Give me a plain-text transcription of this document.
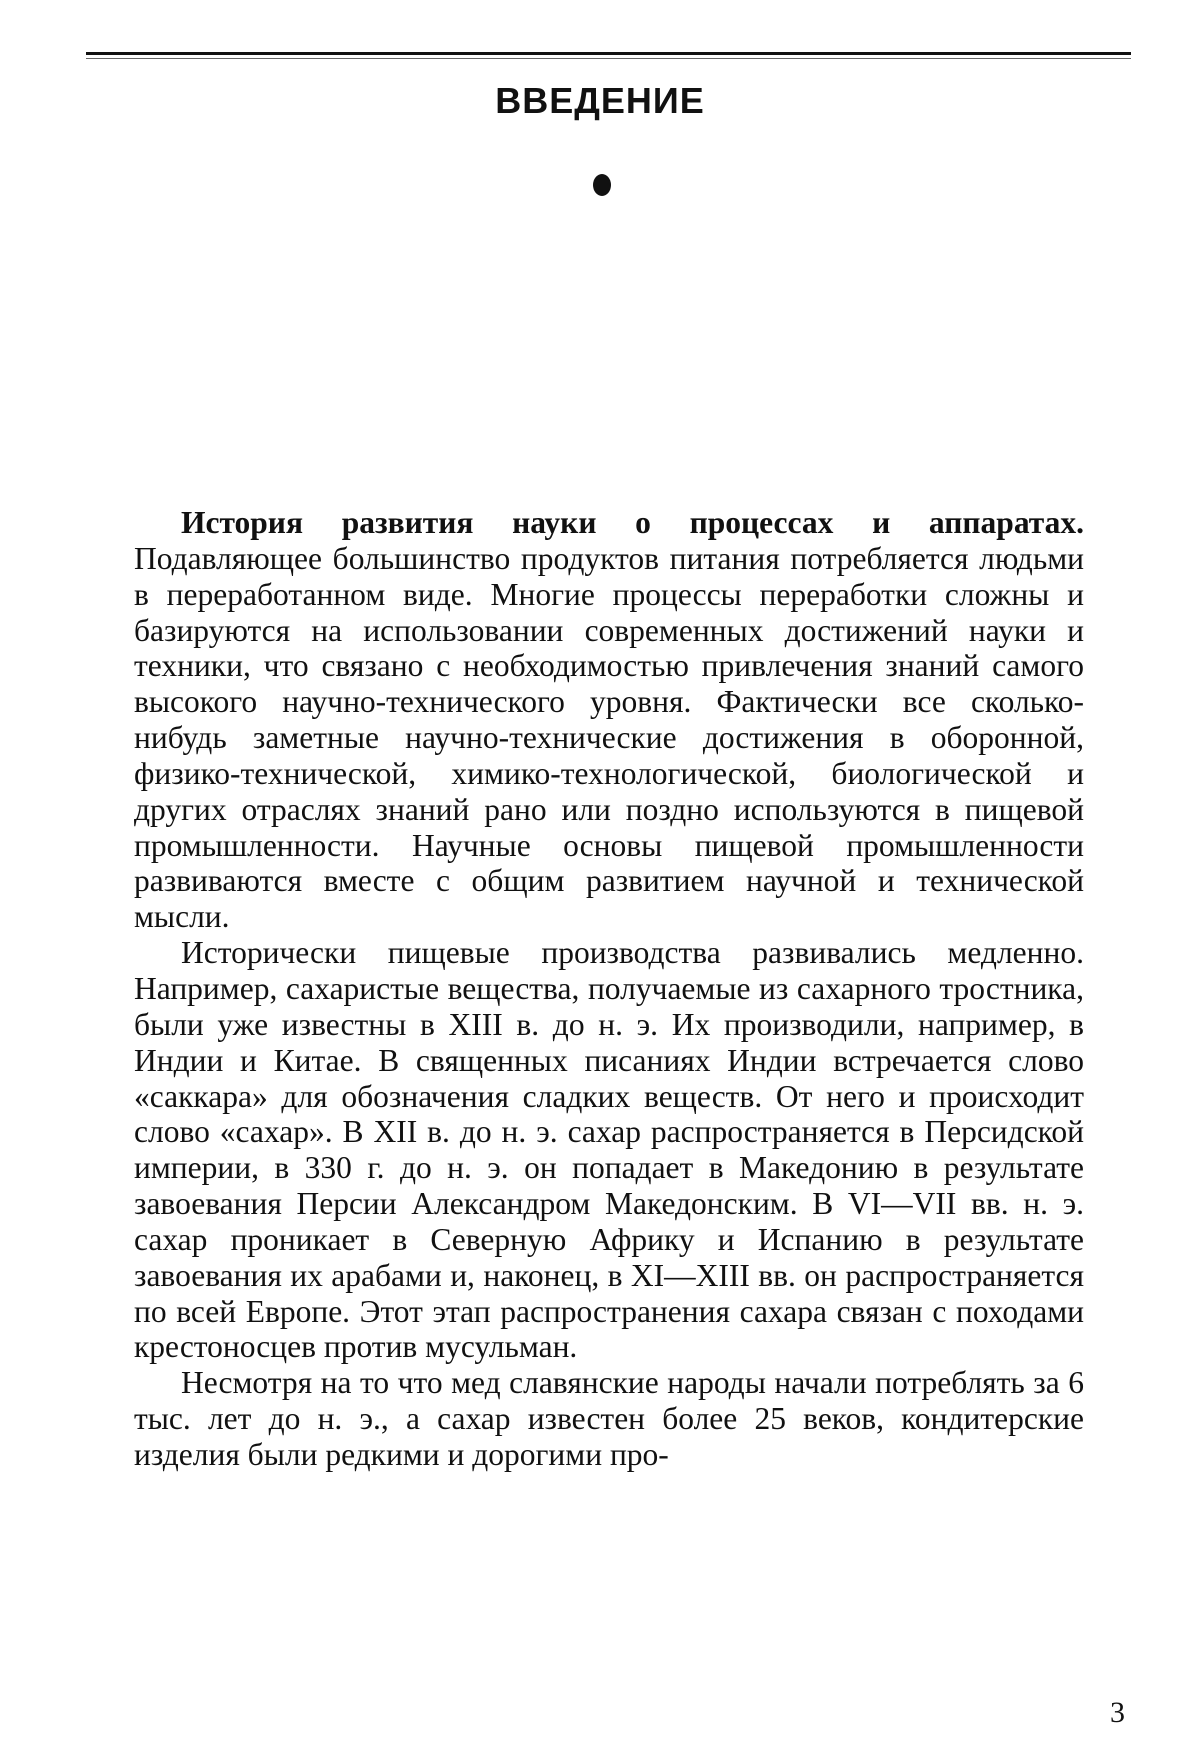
ВВЕДЕНИЕ

История развития науки о процессах и аппаратах. Подавляющее большинство продуктов питания потребляется людьми в переработанном виде. Многие процессы переработки сложны и базируются на использовании современных достижений науки и техники, что связано с необходимостью привлечения знаний самого высокого научно-технического уровня. Фактически все сколько-нибудь заметные научно-технические достижения в оборонной, физико-технической, химико-технологической, биологической и других отраслях знаний рано или поздно используются в пищевой промышленности. Научные основы пищевой промышленности развиваются вместе с общим развитием научной и технической мысли.

Исторически пищевые производства развивались медленно. Например, сахаристые вещества, получаемые из сахарного тростника, были уже известны в XIII в. до н. э. Их производили, например, в Индии и Китае. В священных писаниях Индии встречается слово «саккара» для обозначения сладких веществ. От него и происходит слово «сахар». В XII в. до н. э. сахар распространяется в Персидской империи, в 330 г. до н. э. он попадает в Македонию в результате завоевания Персии Александром Македонским. В VI—VII вв. н. э. сахар проникает в Северную Африку и Испанию в результате завоевания их арабами и, наконец, в XI—XIII вв. он распространяется по всей Европе. Этот этап распространения сахара связан с походами крестоносцев против мусульман.

Несмотря на то что мед славянские народы начали потреблять за 6 тыс. лет до н. э., а сахар известен более 25 веков, кондитерские изделия были редкими и дорогими про-

3
